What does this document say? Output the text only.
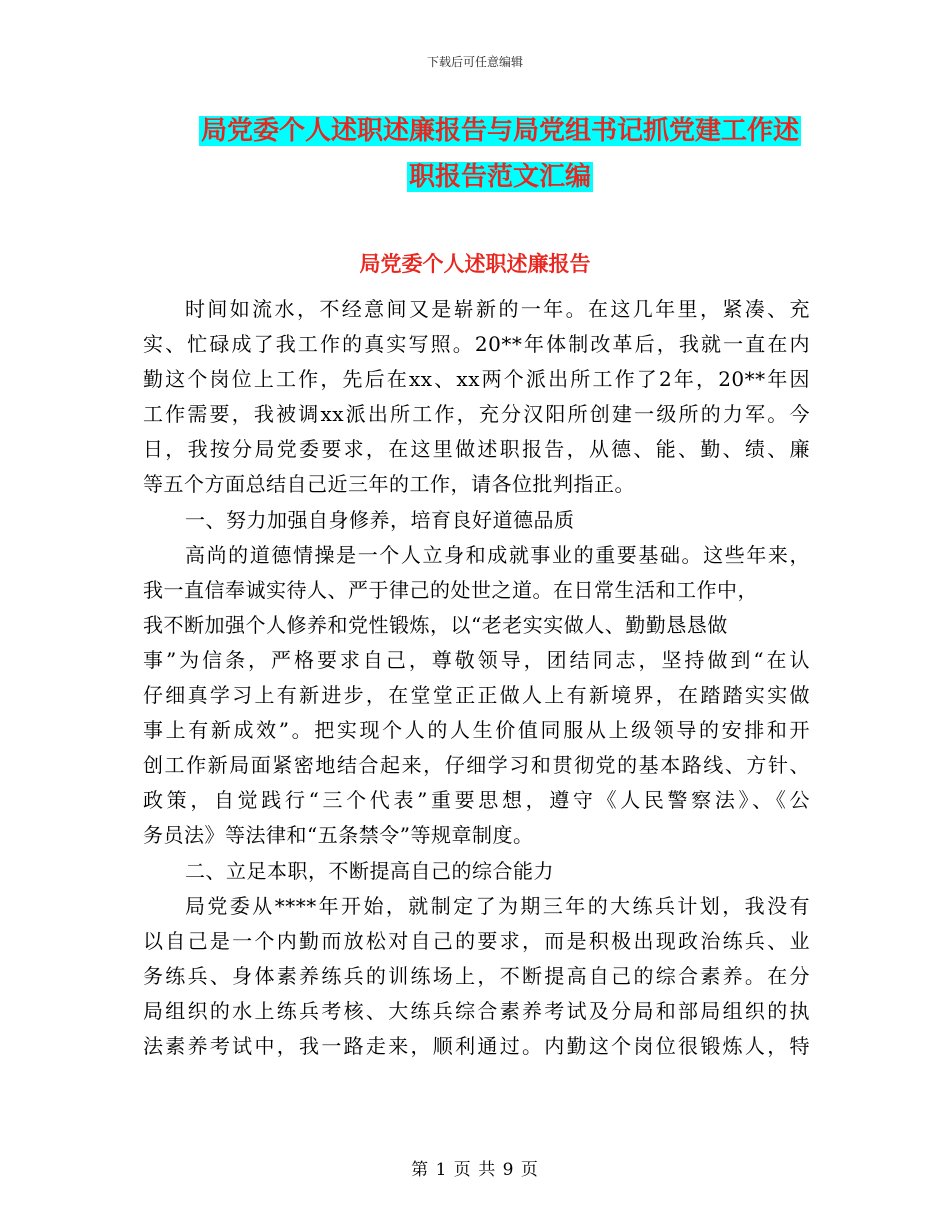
下载后可任意编辑
局党委个人述职述廉报告与局党组书记抓党建工作述
职报告范文汇编
局党委个人述职述廉报告
时间如流水，不经意间又是崭新的一年。在这几年里，紧凑、充
实、忙碌成了我工作的真实写照。20**年体制改革后，我就一直在内
勤这个岗位上工作，先后在xx、xx两个派出所工作了2年，20**年因
工作需要，我被调xx派出所工作，充分汉阳所创建一级所的力军。今
日，我按分局党委要求，在这里做述职报告，从德、能、勤、绩、廉
等五个方面总结自己近三年的工作，请各位批判指正。
一、努力加强自身修养，培育良好道德品质
高尚的道德情操是一个人立身和成就事业的重要基础。这些年来，
我一直信奉诚实待人、严于律己的处世之道。在日常生活和工作中，
我不断加强个人修养和党性锻炼，以“老老实实做人、勤勤恳恳做
事”为信条，严格要求自己，尊敬领导，团结同志，坚持做到“在认
仔细真学习上有新进步，在堂堂正正做人上有新境界，在踏踏实实做
事上有新成效”。把实现个人的人生价值同服从上级领导的安排和开
创工作新局面紧密地结合起来，仔细学习和贯彻党的基本路线、方针、
政策，自觉践行“三个代表”重要思想，遵守《人民警察法》、《公
务员法》等法律和“五条禁令”等规章制度。
二、立足本职，不断提高自己的综合能力
局党委从****年开始，就制定了为期三年的大练兵计划，我没有
以自己是一个内勤而放松对自己的要求，而是积极出现政治练兵、业
务练兵、身体素养练兵的训练场上，不断提高自己的综合素养。在分
局组织的水上练兵考核、大练兵综合素养考试及分局和部局组织的执
法素养考试中，我一路走来，顺利通过。内勤这个岗位很锻炼人，特
第 1 页 共 9 页
